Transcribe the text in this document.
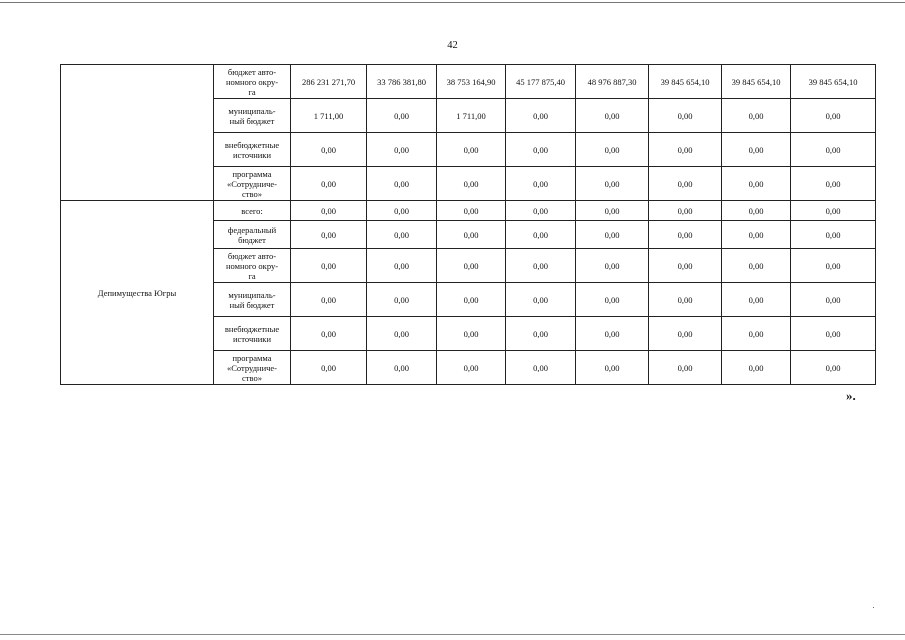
42
	бюджет авто-
номного окру-
га	286 231 271,70	33 786 381,80	38 753 164,90	45 177 875,40	48 976 887,30	39 845 654,10	39 845 654,10	39 845 654,10
	муниципаль-
ный бюджет	1 711,00	0,00	1 711,00	0,00	0,00	0,00	0,00	0,00
	внебюджетные
источники	0,00	0,00	0,00	0,00	0,00	0,00	0,00	0,00
	программа
«Сотрудниче-
ство»	0,00	0,00	0,00	0,00	0,00	0,00	0,00	0,00
Депимущества Югры	всего:	0,00	0,00	0,00	0,00	0,00	0,00	0,00	0,00
	федеральный
бюджет	0,00	0,00	0,00	0,00	0,00	0,00	0,00	0,00
	бюджет авто-
номного окру-
га	0,00	0,00	0,00	0,00	0,00	0,00	0,00	0,00
	муниципаль-
ный бюджет	0,00	0,00	0,00	0,00	0,00	0,00	0,00	0,00
	внебюджетные
источники	0,00	0,00	0,00	0,00	0,00	0,00	0,00	0,00
	программа
«Сотрудниче-
ство»	0,00	0,00	0,00	0,00	0,00	0,00	0,00	0,00
».
